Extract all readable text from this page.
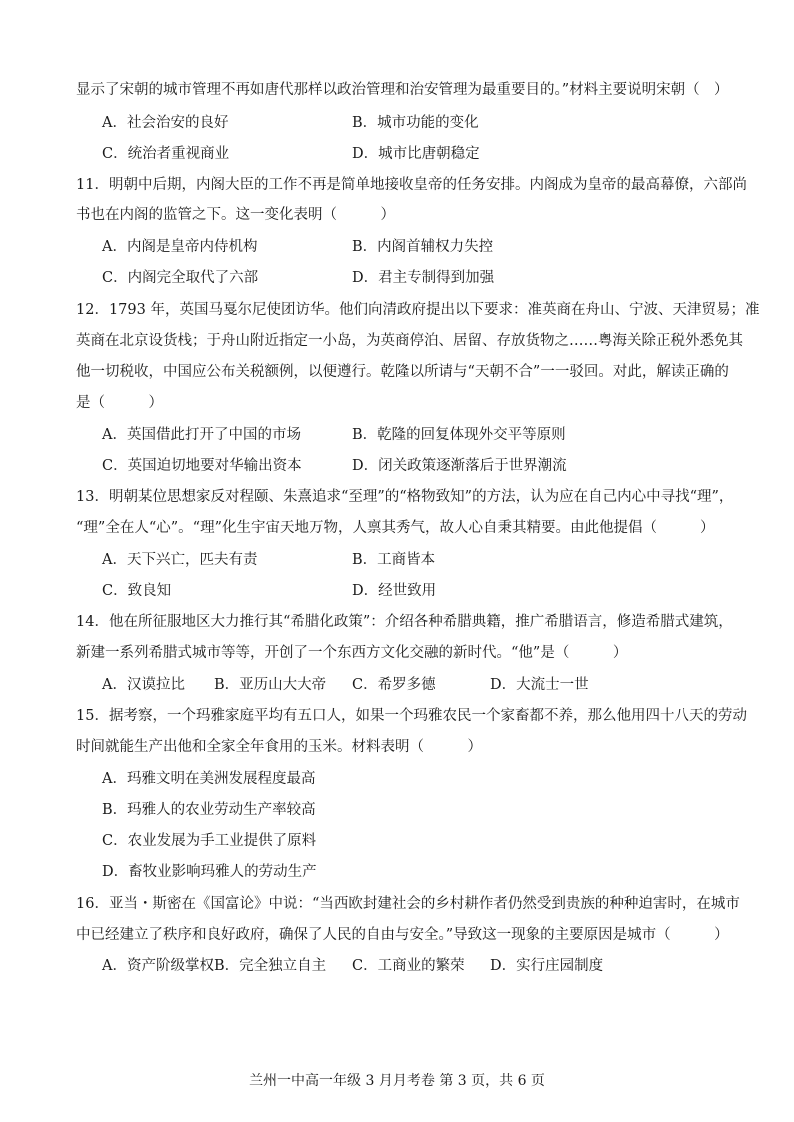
显示了宋朝的城市管理不再如唐代那样以政治管理和治安管理为最重要目的。”材料主要说明宋朝（ ）
A．社会治安的良好	B．城市功能的变化
C．统治者重视商业	D．城市比唐朝稳定
11．明朝中后期，内阁大臣的工作不再是简单地接收皇帝的任务安排。内阁成为皇帝的最高幕僚，六部尚
书也在内阁的监管之下。这一变化表明（　　　）
A．内阁是皇帝内侍机构	B．内阁首辅权力失控
C．内阁完全取代了六部	D．君主专制得到加强
12．1793 年，英国马戛尔尼使团访华。他们向清政府提出以下要求：准英商在舟山、宁波、天津贸易；准
英商在北京设货栈；于舟山附近指定一小岛，为英商停泊、居留、存放货物之……粤海关除正税外悉免其
他一切税收，中国应公布关税额例，以便遵行。乾隆以所请与“天朝不合”一一驳回。对此，解读正确的
是（　　　）
A．英国借此打开了中国的市场	B．乾隆的回复体现外交平等原则
C．英国迫切地要对华输出资本	D．闭关政策逐渐落后于世界潮流
13．明朝某位思想家反对程颐、朱熹追求“至理”的“格物致知”的方法，认为应在自己内心中寻找“理”，
“理”全在人“心”。“理”化生宇宙天地万物，人禀其秀气，故人心自秉其精要。由此他提倡（	）
A．天下兴亡，匹夫有责	B．工商皆本
C．致良知	D．经世致用
14．他在所征服地区大力推行其“希腊化政策”：介绍各种希腊典籍，推广希腊语言，修造希腊式建筑，
新建一系列希腊式城市等等，开创了一个东西方文化交融的新时代。“他”是（　　　）
A．汉谟拉比 B．亚历山大大帝 C．希罗多德	D．大流士一世
15．据考察，一个玛雅家庭平均有五口人，如果一个玛雅农民一个家畜都不养，那么他用四十八天的劳动
时间就能生产出他和全家全年食用的玉米。材料表明（　　　）
A．玛雅文明在美洲发展程度最高
B．玛雅人的农业劳动生产率较高
C．农业发展为手工业提供了原料
D．畜牧业影响玛雅人的劳动生产
16．亚当・斯密在《国富论》中说：“当西欧封建社会的乡村耕作者仍然受到贵族的种种迫害时，在城市
中已经建立了秩序和良好政府，确保了人民的自由与安全。”导致这一现象的主要原因是城市（　　　）
A．资产阶级掌权 B．完全独立自主 C．工商业的繁荣 D．实行庄园制度
兰州一中高一年级 3 月月考卷 第 3 页，共 6 页
